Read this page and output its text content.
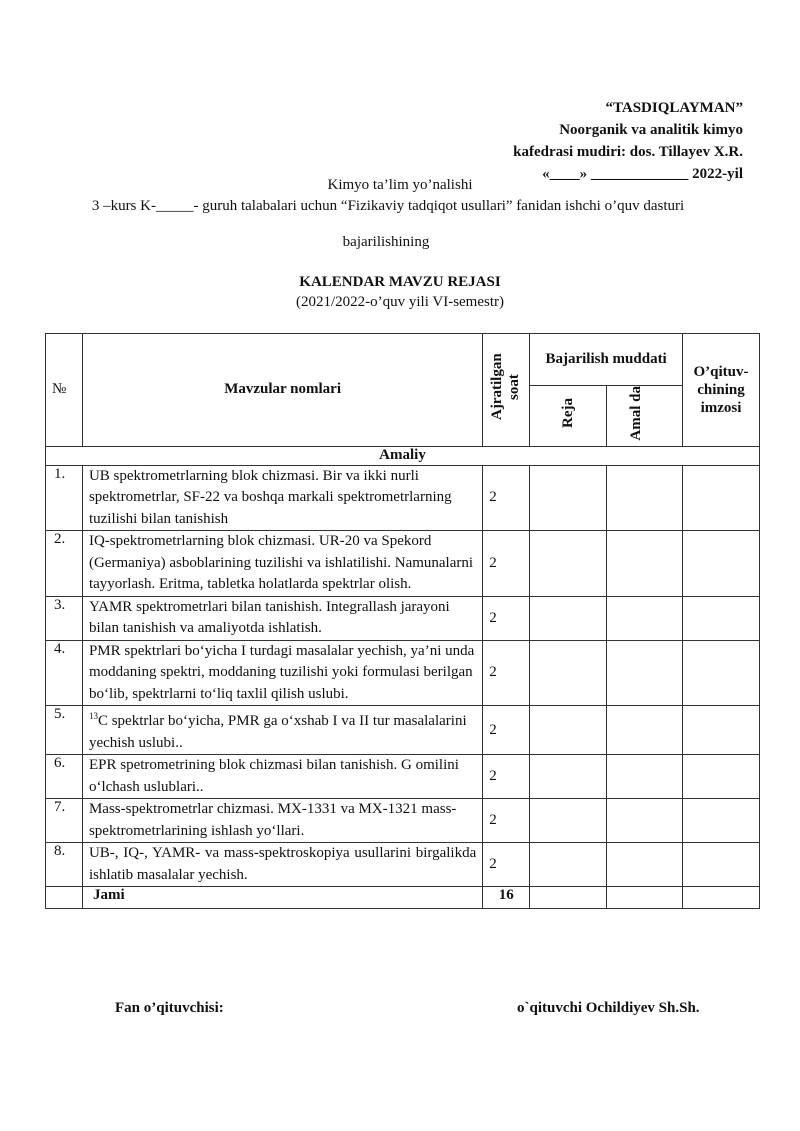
“TASDIQLAYMAN”
Noorganik va analitik kimyo
kafedrasi mudiri: dos. Tillayev X.R.
«____» _____________ 2022-yil
Kimyo ta’lim yo’nalishi
3 –kurs K-_____- guruh talabalari uchun “Fizikaviy tadqiqot usullari” fanidan ishchi o’quv dasturi
bajarilishining
KALENDAR MAVZU REJASI
(2021/2022-o’quv yili VI-semestr)
№	Mavzular nomlari	Ajratilgan soat	Bajarilish muddati		O’qituv-chining imzosi
			Reja	Amal da	
Amaliy					
1.	UB spektrometrlarning blok chizmasi. Bir va ikki nurli spektrometrlar, SF-22 va boshqa markali spektrometrlarning tuzilishi bilan tanishish	2			
2.	IQ-spektrometrlarning blok chizmasi. UR-20 va Spekord (Germaniya) asboblarining tuzilishi va ishlatilishi. Namunalarni tayyorlash. Eritma, tabletka holatlarda spektrlar olish.	2			
3.	YAMR spektrometrlari bilan tanishish. Integrallash jarayoni bilan tanishish va amaliyotda ishlatish.	2			
4.	PMR spektrlari bo‘yicha I turdagi masalalar yechish, ya’ni unda moddaning spektri, moddaning tuzilishi yoki formulasi berilgan bo‘lib, spektrlarni to‘liq taxlil qilish uslubi.	2			
5.	$^{13}$C spektrlar bo‘yicha, PMR ga o‘xshab I va II tur masalalarini yechish uslubi..	2			
6.	EPR spetrometrining blok chizmasi bilan tanishish. G omilini o‘lchash uslublari..	2			
7.	Mass-spektrometrlar chizmasi. MX-1331 va MX-1321 mass-spektrometrlarining ishlash yo‘llari.	2			
8.	UB-, IQ-, YAMR- va mass-spektroskopiya usullarini birgalikda ishlatib masalalar yechish.	2			
	Jami	16			
Fan o’qituvchisi:	o`qituvchi Ochildiyev Sh.Sh.
